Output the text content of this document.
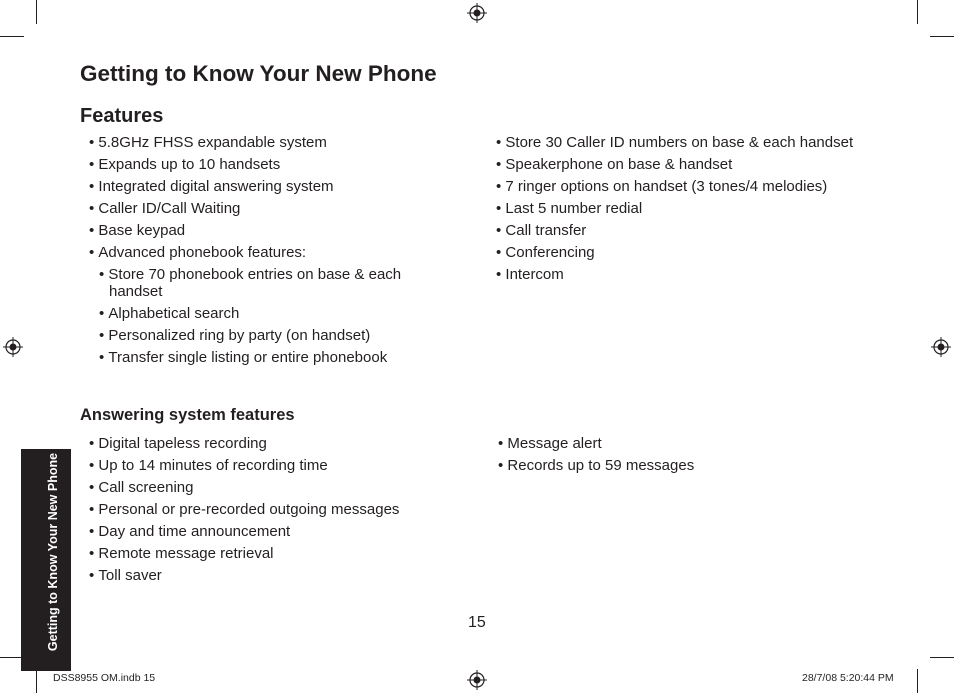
Getting to Know Your New Phone
Features
• 5.8GHz FHSS expandable system
• Expands up to 10 handsets
• Integrated digital answering system
• Caller ID/Call Waiting
• Base keypad
• Advanced phonebook features:
• Store 70 phonebook entries on base & each handset
• Alphabetical search
• Personalized ring by party (on handset)
• Transfer single listing or entire phonebook
• Store 30 Caller ID numbers on base & each handset
• Speakerphone on base & handset
• 7 ringer options on handset (3 tones/4 melodies)
• Last 5 number redial
• Call transfer
• Conferencing
• Intercom
Answering system features
• Digital tapeless recording
• Up to 14 minutes of recording time
• Call screening
• Personal or pre-recorded outgoing messages
• Day and time announcement
• Remote message retrieval
• Toll saver
• Message alert
• Records up to 59 messages
Getting to Know Your New Phone	15
DSS8955 OM.indb 15	28/7/08 5:20:44 PM
